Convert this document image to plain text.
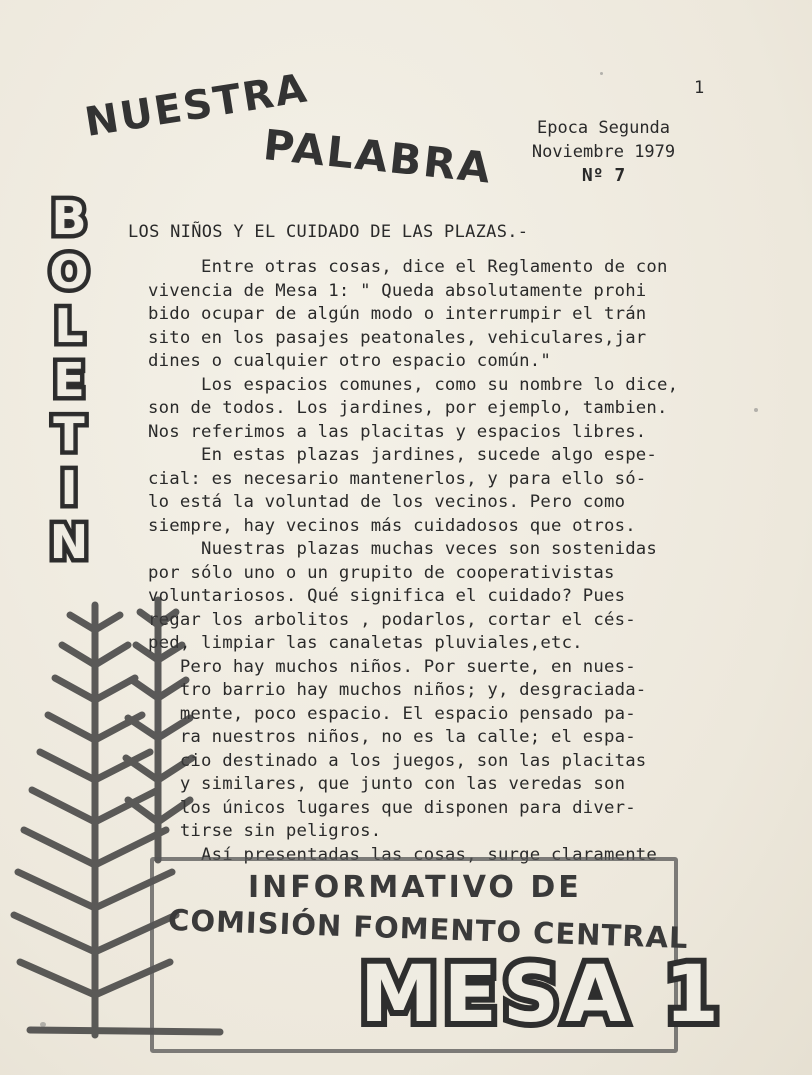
1
NUESTRA
PALABRA	Epoca Segunda
Noviembre 1979
Nº 7
B
O
L
E
T
I
N
LOS NIÑOS Y EL CUIDADO DE LAS PLAZAS.-
Entre otras cosas, dice el Reglamento de con
vivencia de Mesa 1: " Queda absolutamente prohi
bido ocupar de algún modo o interrumpir el trán
sito en los pasajes peatonales, vehiculares,jar
dines o cualquier otro espacio común."
Los espacios comunes, como su nombre lo dice,
son de todos. Los jardines, por ejemplo, tambien.
Nos referimos a las placitas y espacios libres.
En estas plazas jardines, sucede algo espe-
cial: es necesario mantenerlos, y para ello só-
lo está la voluntad de los vecinos. Pero como
siempre, hay vecinos más cuidadosos que otros.
Nuestras plazas muchas veces son sostenidas
por sólo uno o un grupito de cooperativistas
voluntariosos. Qué significa el cuidado? Pues
regar los arbolitos , podarlos, cortar el cés-
ped, limpiar las canaletas pluviales,etc.
Pero hay muchos niños. Por suerte, en nues-
tro barrio hay muchos niños; y, desgraciada-
mente, poco espacio. El espacio pensado pa-
ra nuestros niños, no es la calle; el espa-
cio destinado a los juegos, son las placitas
y similares, que junto con las veredas son
los únicos lugares que disponen para diver-
tirse sin peligros.
Así presentadas las cosas, surge claramente
INFORMATIVO DE
COMISIÓN FOMENTO CENTRAL
MESA 1
